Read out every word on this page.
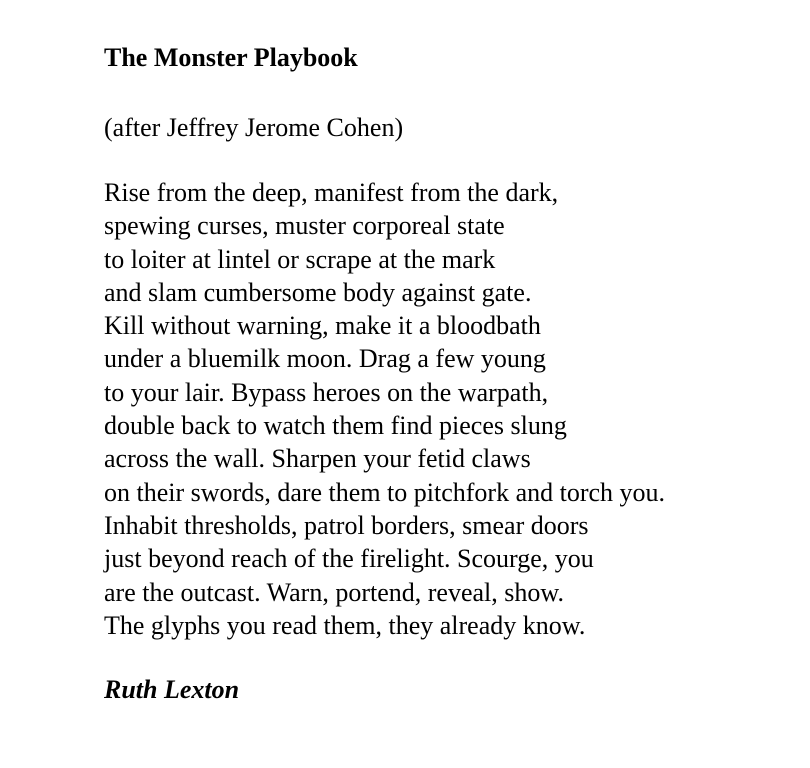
The Monster Playbook

(after Jeffrey Jerome Cohen)

Rise from the deep, manifest from the dark,
spewing curses, muster corporeal state
to loiter at lintel or scrape at the mark
and slam cumbersome body against gate.
Kill without warning, make it a bloodbath
under a bluemilk moon. Drag a few young
to your lair. Bypass heroes on the warpath,
double back to watch them find pieces slung
across the wall. Sharpen your fetid claws
on their swords, dare them to pitchfork and torch you.
Inhabit thresholds, patrol borders, smear doors
just beyond reach of the firelight. Scourge, you
are the outcast. Warn, portend, reveal, show.
The glyphs you read them, they already know.

Ruth Lexton
